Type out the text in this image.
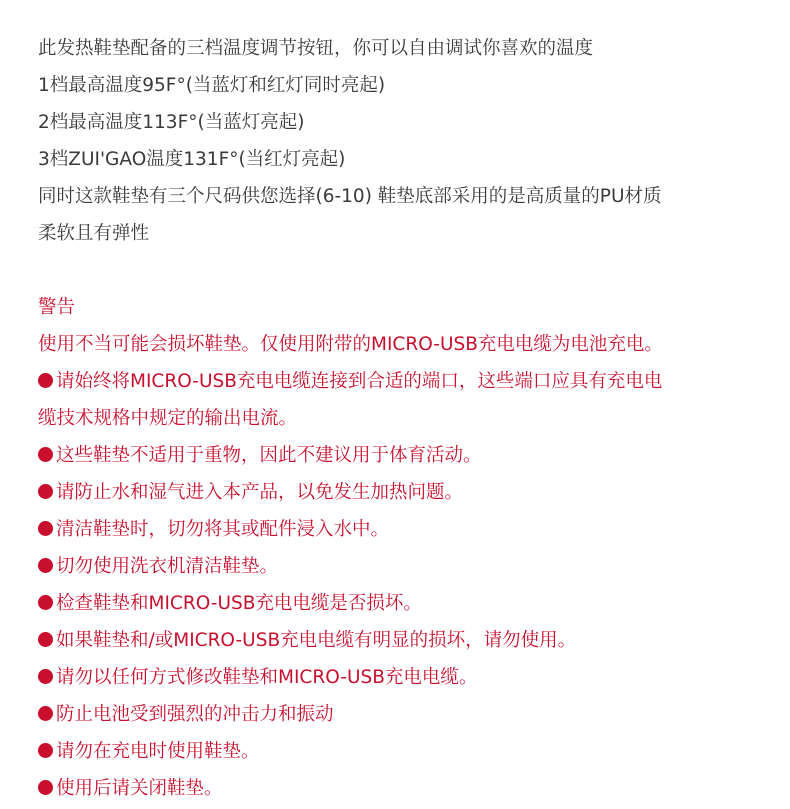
此发热鞋垫配备的三档温度调节按钮，你可以自由调试你喜欢的温度
1档最高温度95F°(当蓝灯和红灯同时亮起)
2档最高温度113F°(当蓝灯亮起)
3档ZUI'GAO温度131F°(当红灯亮起)
同时这款鞋垫有三个尺码供您选择(6-10) 鞋垫底部采用的是高质量的PU材质
柔软且有弹性
警告
使用不当可能会损坏鞋垫。仅使用附带的MICRO-USB充电电缆为电池充电。
请始终将MICRO-USB充电电缆连接到合适的端口，这些端口应具有充电电
缆技术规格中规定的输出电流。
这些鞋垫不适用于重物，因此不建议用于体育活动。
请防止水和湿气进入本产品，以免发生加热问题。
清洁鞋垫时，切勿将其或配件浸入水中。
切勿使用洗衣机清洁鞋垫。
检查鞋垫和MICRO-USB充电电缆是否损坏。
如果鞋垫和/或MICRO-USB充电电缆有明显的损坏，请勿使用。
请勿以任何方式修改鞋垫和MICRO-USB充电电缆。
防止电池受到强烈的冲击力和振动
请勿在充电时使用鞋垫。
使用后请关闭鞋垫。
